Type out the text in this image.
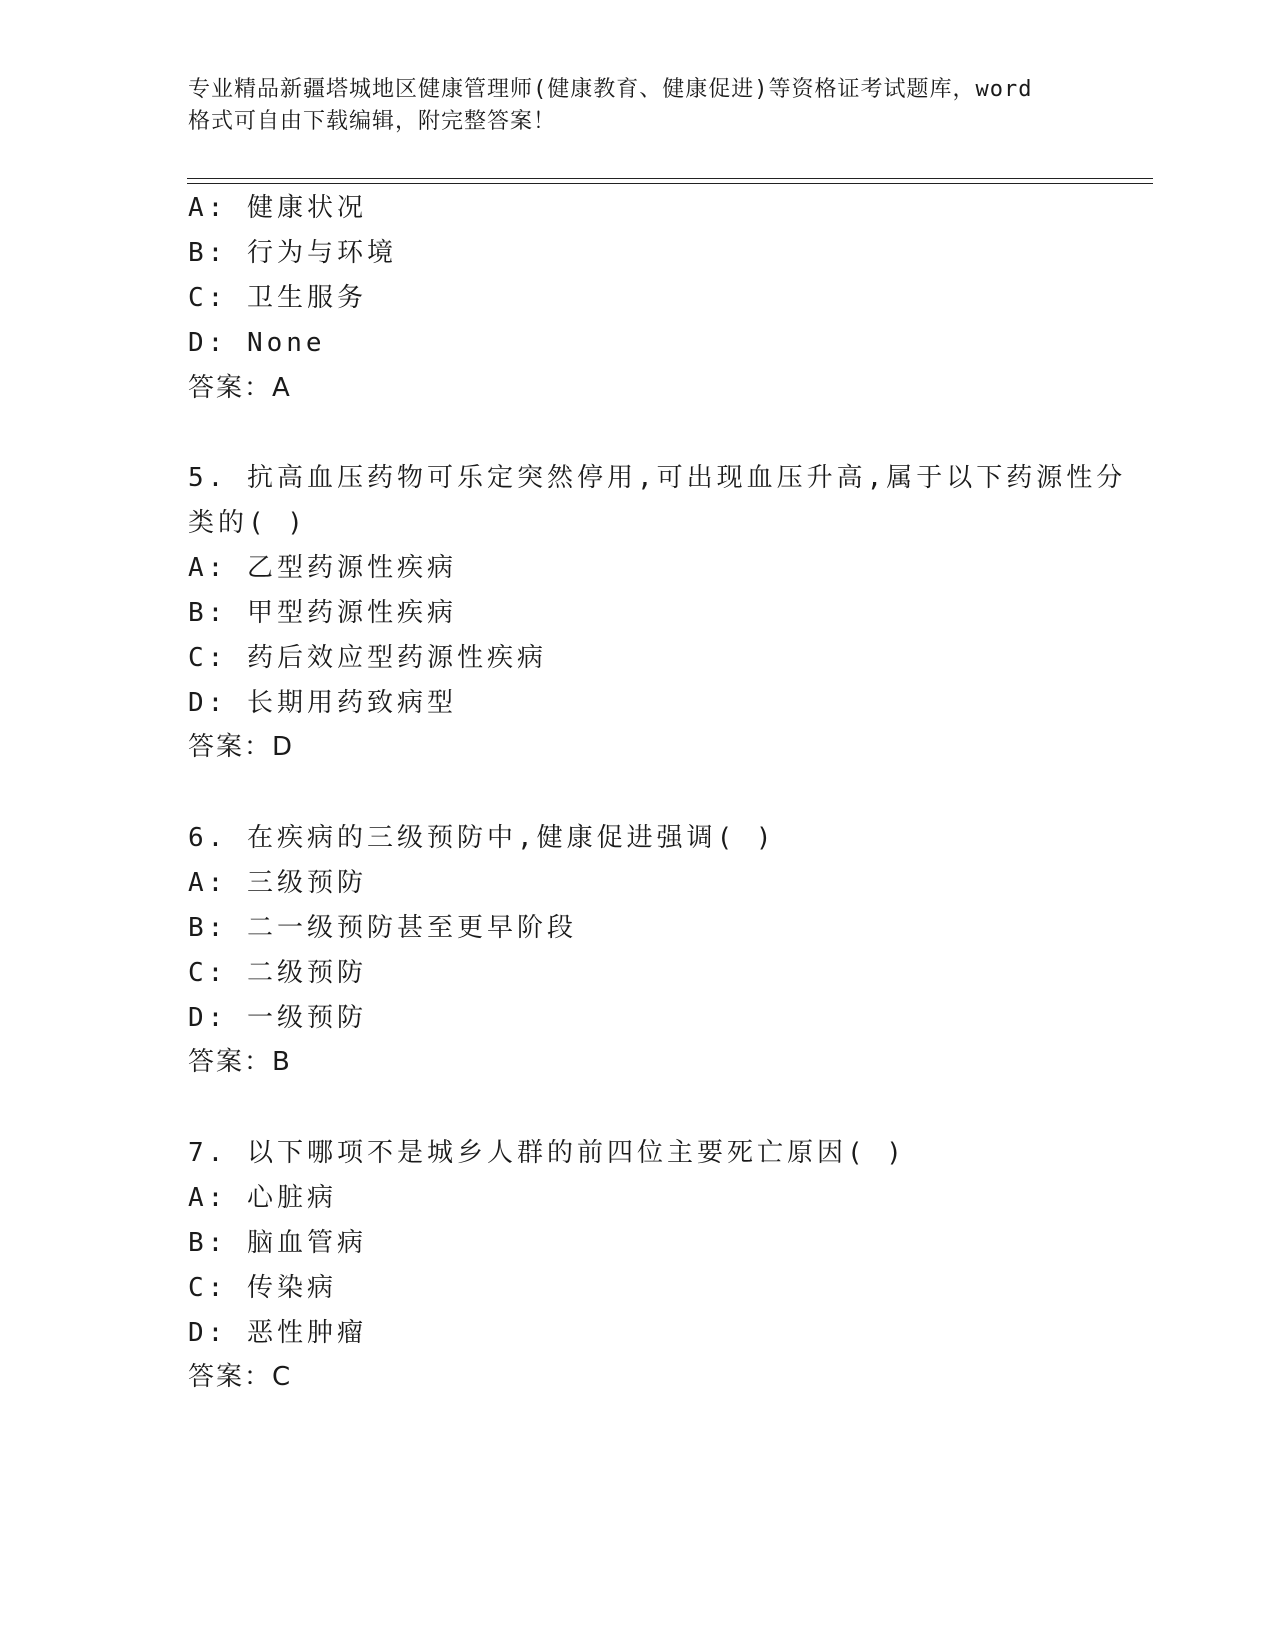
专业精品新疆塔城地区健康管理师(健康教育、健康促进)等资格证考试题库，word
格式可自由下载编辑，附完整答案！
A: 健康状况
B: 行为与环境
C: 卫生服务
D: None
答案：A
5. 抗高血压药物可乐定突然停用,可出现血压升高,属于以下药源性分
类的( )
A: 乙型药源性疾病
B: 甲型药源性疾病
C: 药后效应型药源性疾病
D: 长期用药致病型
答案：D
6. 在疾病的三级预防中,健康促进强调( )
A: 三级预防
B: 二一级预防甚至更早阶段
C: 二级预防
D: 一级预防
答案：B
7. 以下哪项不是城乡人群的前四位主要死亡原因( )
A: 心脏病
B: 脑血管病
C: 传染病
D: 恶性肿瘤
答案：C
